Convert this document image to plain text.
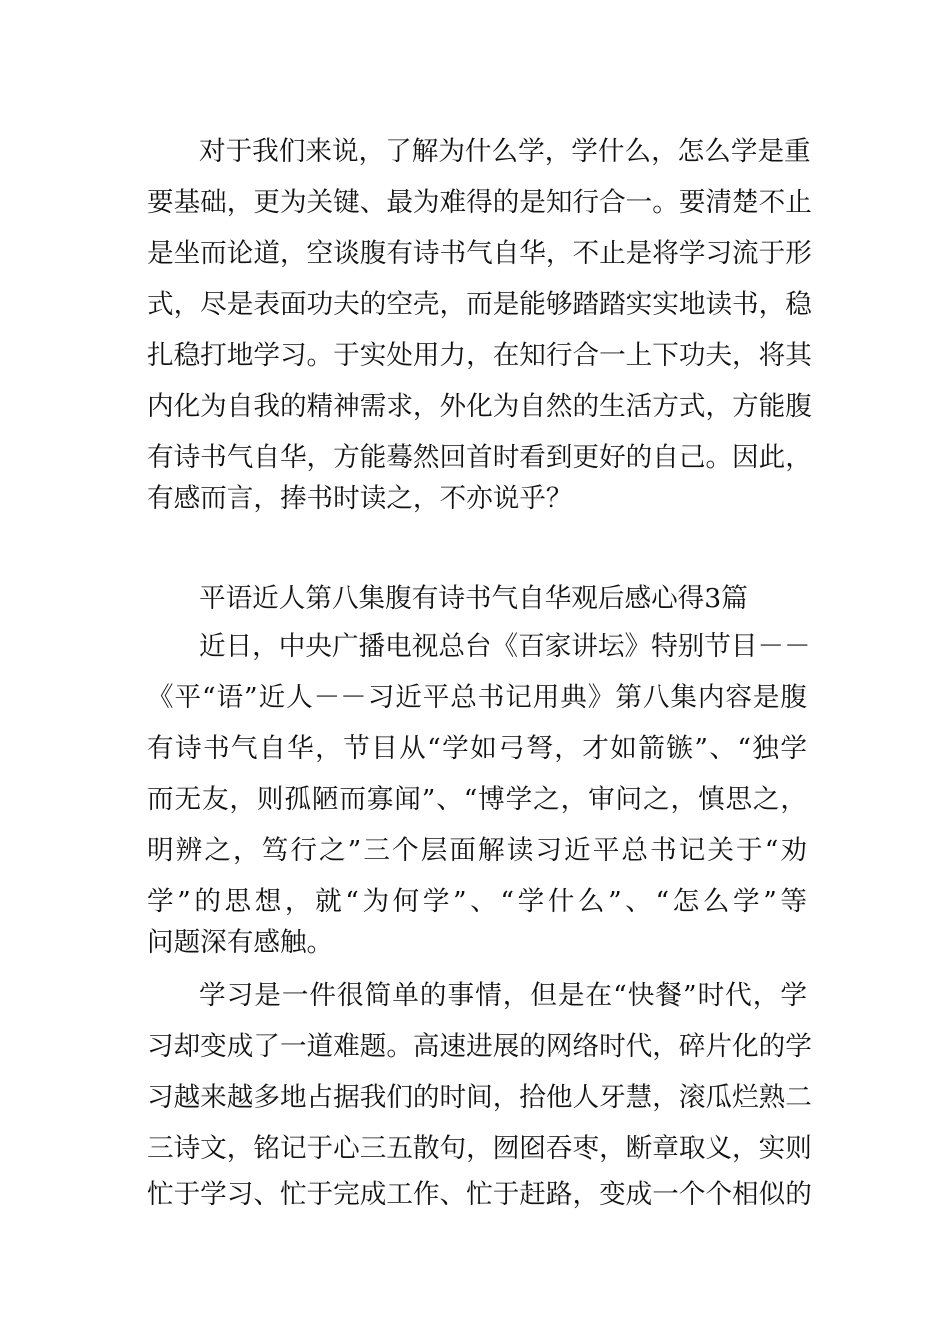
对于我们来说，了解为什么学，学什么，怎么学是重
要基础，更为关键、最为难得的是知行合一。要清楚不止
是坐而论道，空谈腹有诗书气自华，不止是将学习流于形
式，尽是表面功夫的空壳，而是能够踏踏实实地读书，稳
扎稳打地学习。于实处用力，在知行合一上下功夫，将其
内化为自我的精神需求，外化为自然的生活方式，方能腹
有诗书气自华，方能蓦然回首时看到更好的自己。因此，
有感而言，捧书时读之，不亦说乎？
平语近人第八集腹有诗书气自华观后感心得3篇
近日，中央广播电视总台《百家讲坛》特别节目－－
《平“语”近人－－习近平总书记用典》第八集内容是腹
有诗书气自华，节目从“学如弓弩，才如箭镞”、“独学
而无友，则孤陋而寡闻”、“博学之，审问之，慎思之，
明辨之，笃行之”三个层面解读习近平总书记关于“劝
学”的思想，就“为何学”、“学什么”、“怎么学”等
问题深有感触。
学习是一件很简单的事情，但是在“快餐”时代，学
习却变成了一道难题。高速进展的网络时代，碎片化的学
习越来越多地占据我们的时间，拾他人牙慧，滚瓜烂熟二
三诗文，铭记于心三五散句，囫囵吞枣，断章取义，实则
忙于学习、忙于完成工作、忙于赶路，变成一个个相似的
